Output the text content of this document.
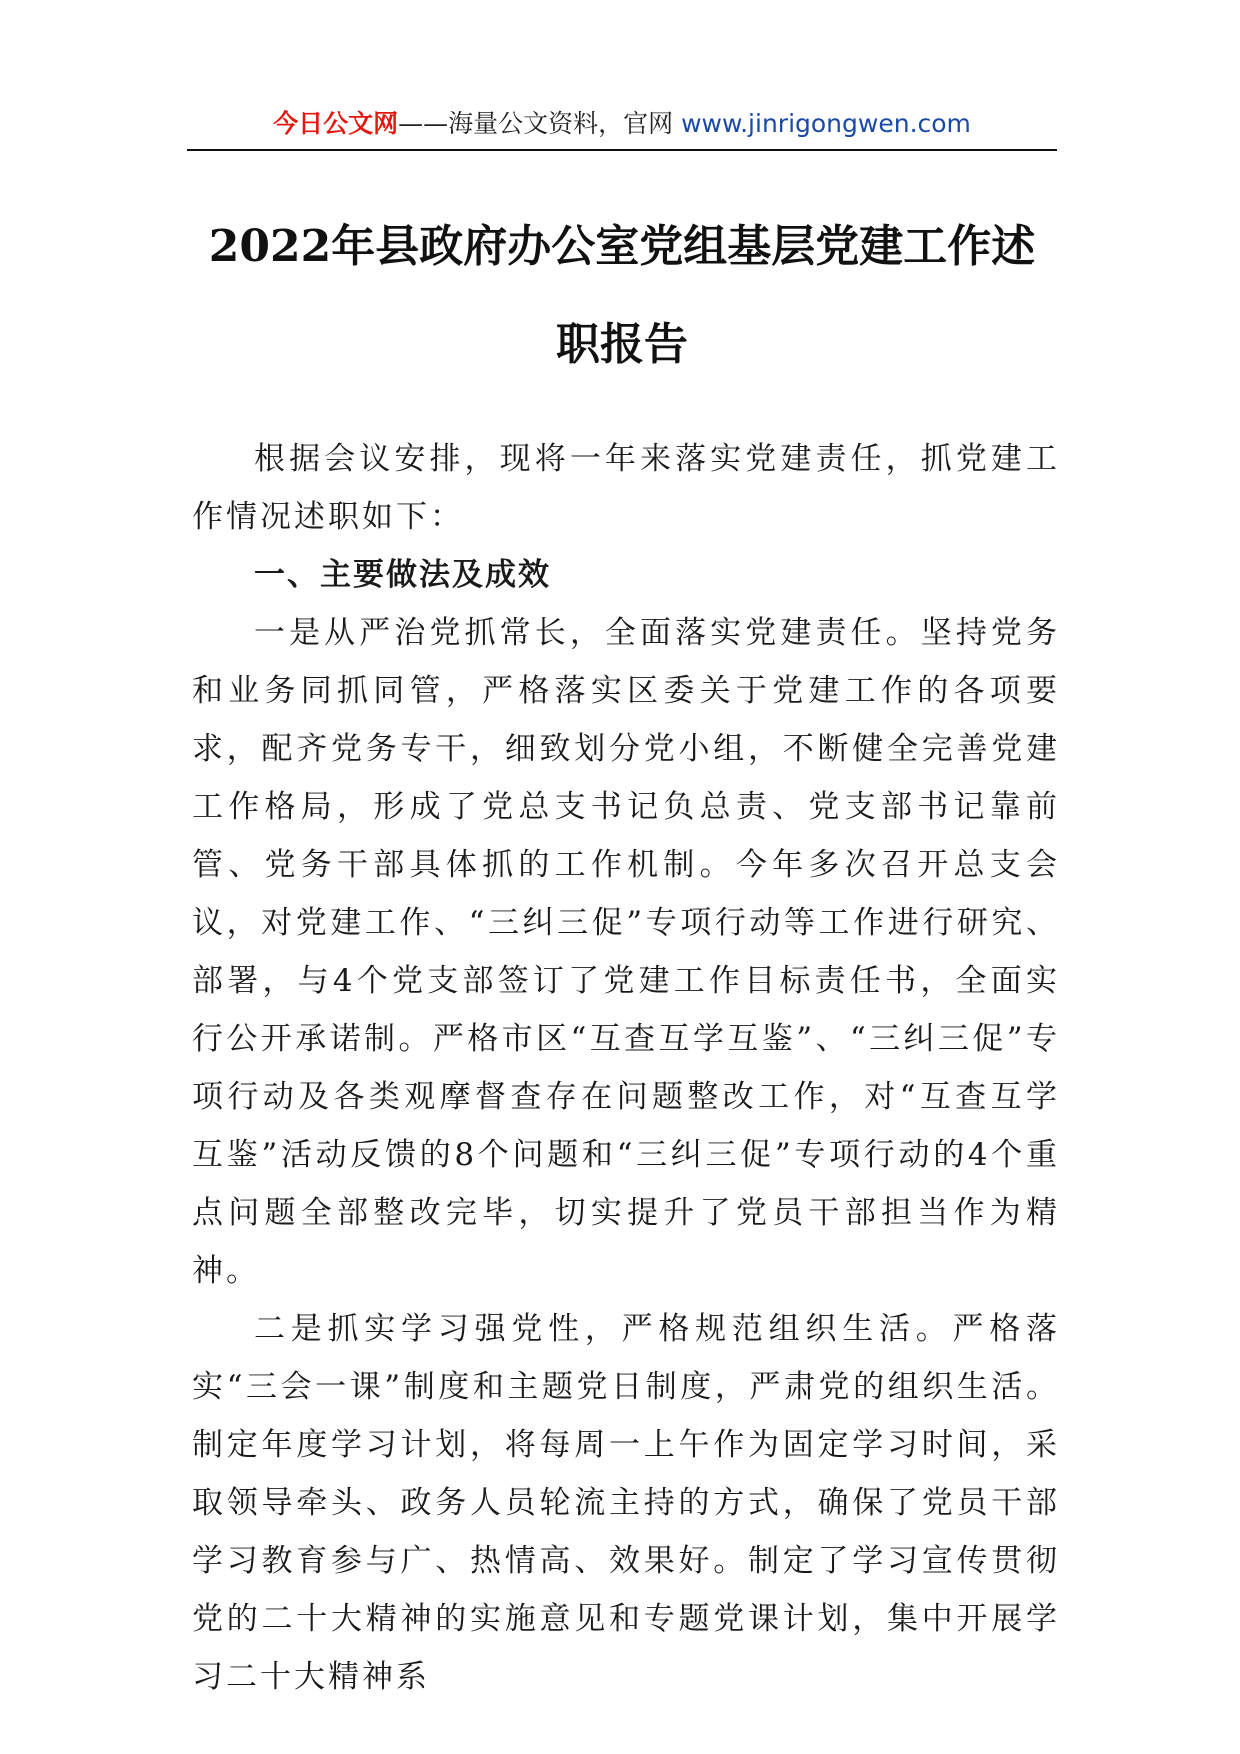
今日公文网——海量公文资料，官网 www.jinrigongwen.com
2022年县政府办公室党组基层党建工作述职报告

根据会议安排，现将一年来落实党建责任，抓党建工作情况述职如下：

一、主要做法及成效

一是从严治党抓常长，全面落实党建责任。坚持党务和业务同抓同管，严格落实区委关于党建工作的各项要求，配齐党务专干，细致划分党小组，不断健全完善党建工作格局，形成了党总支书记负总责、党支部书记靠前管、党务干部具体抓的工作机制。今年多次召开总支会议，对党建工作、“三纠三促”专项行动等工作进行研究、部署，与4个党支部签订了党建工作目标责任书，全面实行公开承诺制。严格市区“互查互学互鉴”、“三纠三促”专项行动及各类观摩督查存在问题整改工作，对“互查互学互鉴”活动反馈的8个问题和“三纠三促”专项行动的4个重点问题全部整改完毕，切实提升了党员干部担当作为精神。

二是抓实学习强党性，严格规范组织生活。严格落实“三会一课”制度和主题党日制度，严肃党的组织生活。制定年度学习计划，将每周一上午作为固定学习时间，采取领导牵头、政务人员轮流主持的方式，确保了党员干部学习教育参与广、热情高、效果好。制定了学习宣传贯彻党的二十大精神的实施意见和专题党课计划，集中开展学习二十大精神系
